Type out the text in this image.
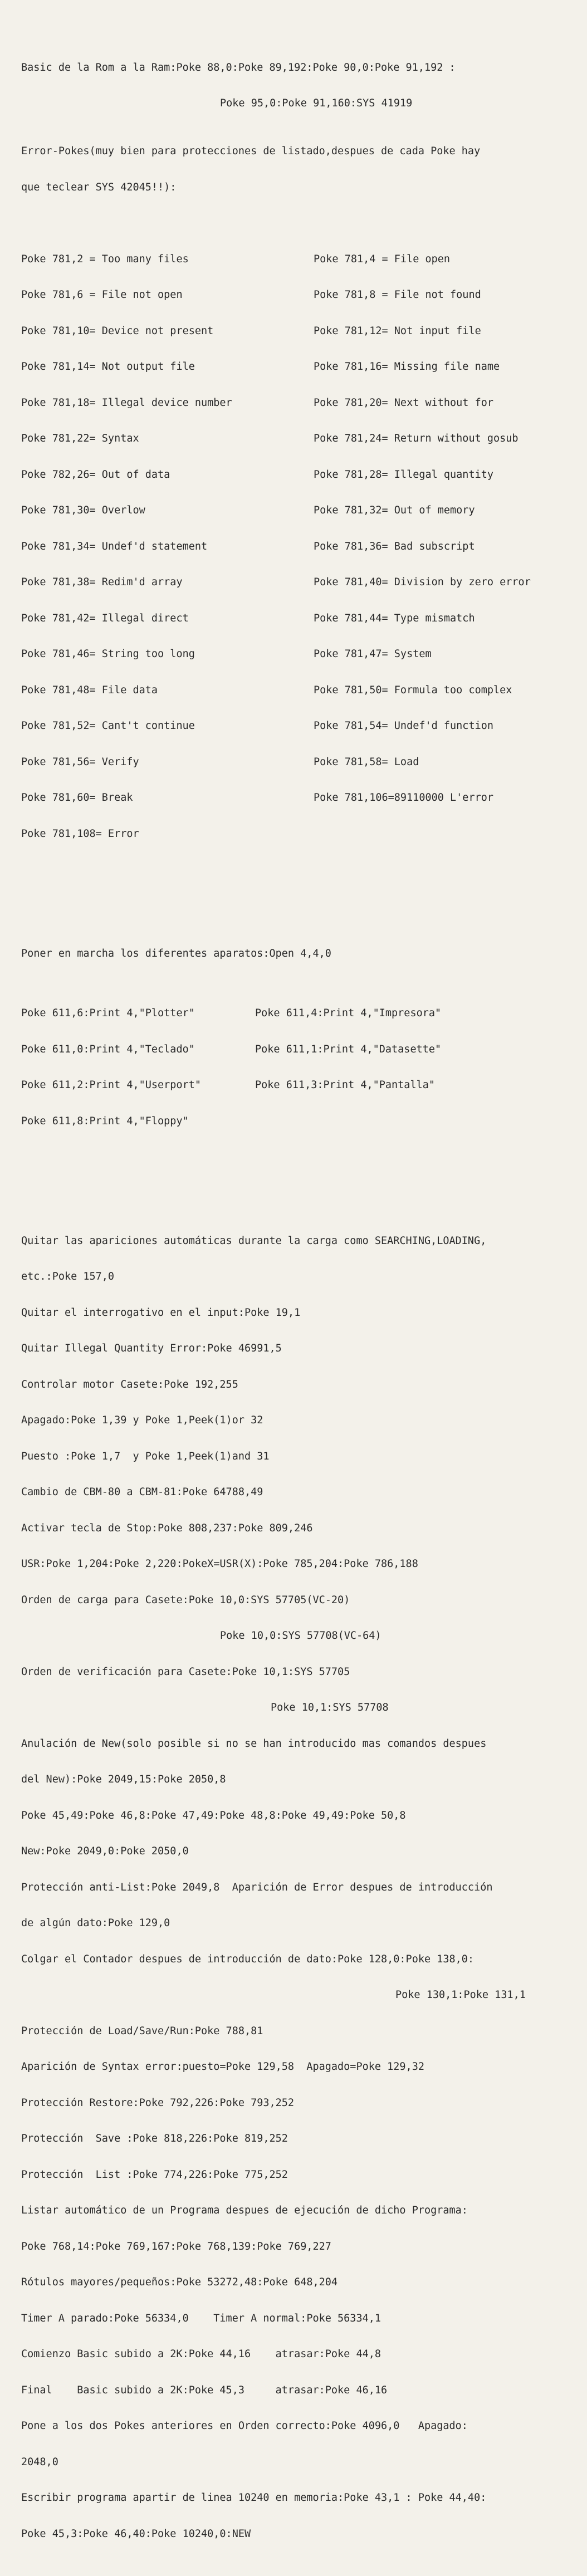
Basic de la Rom a la Ram:Poke 88,0:Poke 89,192:Poke 90,0:Poke 91,192 :

Poke 95,0:Poke 91,160:SYS 41919

Error-Pokes(muy bien para protecciones de listado,despues de cada Poke hay

que teclear SYS 42045!!):

Poke 781,2 = Too many files

Poke 781,6 = File not open

Poke 781,10= Device not present

Poke 781,14= Not output file

Poke 781,18= Illegal device number

Poke 781,22= Syntax

Poke 782,26= Out of data

Poke 781,30= Overlow

Poke 781,34= Undef'd statement

Poke 781,38= Redim'd array

Poke 781,42= Illegal direct

Poke 781,46= String too long

Poke 781,48= File data

Poke 781,52= Cant't continue

Poke 781,56= Verify

Poke 781,60= Break

Poke 781,108= Error

Poke 781,4 = File open

Poke 781,8 = File not found

Poke 781,12= Not input file

Poke 781,16= Missing file name

Poke 781,20= Next without for

Poke 781,24= Return without gosub

Poke 781,28= Illegal quantity

Poke 781,32= Out of memory

Poke 781,36= Bad subscript

Poke 781,40= Division by zero error

Poke 781,44= Type mismatch

Poke 781,47= System

Poke 781,50= Formula too complex

Poke 781,54= Undef'd function

Poke 781,58= Load

Poke 781,106=89110000 L'error

Poner en marcha los diferentes aparatos:Open 4,4,0

Poke 611,6:Print 4,"Plotter"

Poke 611,0:Print 4,"Teclado"

Poke 611,2:Print 4,"Userport"

Poke 611,8:Print 4,"Floppy"

Poke 611,4:Print 4,"Impresora"

Poke 611,1:Print 4,"Datasette"

Poke 611,3:Print 4,"Pantalla"

Quitar las apariciones automáticas durante la carga como SEARCHING,LOADING,

etc.:Poke 157,0

Quitar el interrogativo en el input:Poke 19,1

Quitar Illegal Quantity Error:Poke 46991,5

Controlar motor Casete:Poke 192,255

Apagado:Poke 1,39 y Poke 1,Peek(1)or 32

Puesto :Poke 1,7  y Poke 1,Peek(1)and 31

Cambio de CBM-80 a CBM-81:Poke 64788,49

Activar tecla de Stop:Poke 808,237:Poke 809,246

USR:Poke 1,204:Poke 2,220:PokeX=USR(X):Poke 785,204:Poke 786,188

Orden de carga para Casete:Poke 10,0:SYS 57705(VC-20)

Poke 10,0:SYS 57708(VC-64)

Orden de verificación para Casete:Poke 10,1:SYS 57705

Poke 10,1:SYS 57708

Anulación de New(solo posible si no se han introducido mas comandos despues

del New):Poke 2049,15:Poke 2050,8

Poke 45,49:Poke 46,8:Poke 47,49:Poke 48,8:Poke 49,49:Poke 50,8

New:Poke 2049,0:Poke 2050,0

Protección anti-List:Poke 2049,8  Aparición de Error despues de introducción

de algún dato:Poke 129,0

Colgar el Contador despues de introducción de dato:Poke 128,0:Poke 138,0:

Poke 130,1:Poke 131,1

Protección de Load/Save/Run:Poke 788,81

Aparición de Syntax error:puesto=Poke 129,58  Apagado=Poke 129,32

Protección Restore:Poke 792,226:Poke 793,252

Protección  Save :Poke 818,226:Poke 819,252

Protección  List :Poke 774,226:Poke 775,252

Listar automático de un Programa despues de ejecución de dicho Programa:

Poke 768,14:Poke 769,167:Poke 768,139:Poke 769,227

Rótulos mayores/pequeños:Poke 53272,48:Poke 648,204

Timer A parado:Poke 56334,0    Timer A normal:Poke 56334,1

Comienzo Basic subido a 2K:Poke 44,16    atrasar:Poke 44,8

Final    Basic subido a 2K:Poke 45,3     atrasar:Poke 46,16

Pone a los dos Pokes anteriores en Orden correcto:Poke 4096,0   Apagado:

2048,0

Escribir programa apartir de linea 10240 en memoria:Poke 43,1 : Poke 44,40:

Poke 45,3:Poke 46,40:Poke 10240,0:NEW
